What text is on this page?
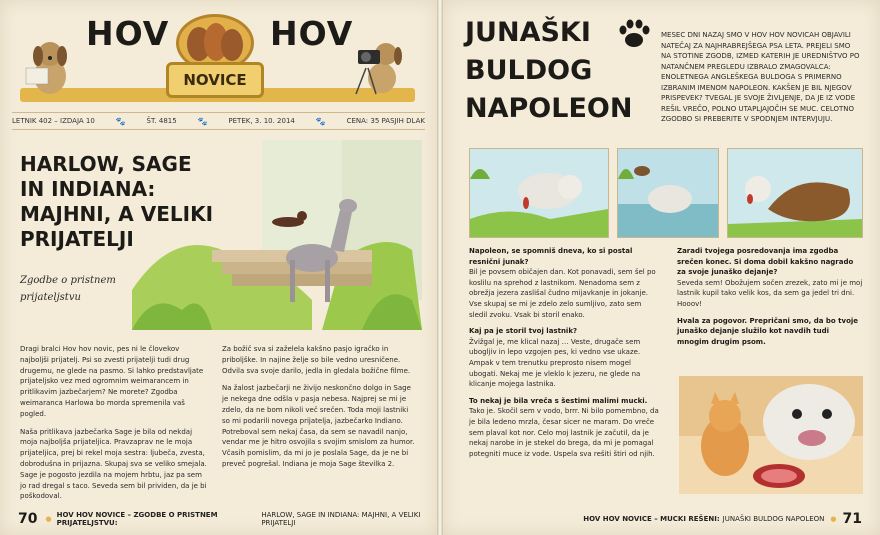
HOV	HOV
NOVICE
LETNIK 402 – IZDAJA 10	🐾	ŠT. 4815	🐾	PETEK, 3. 10. 2014	🐾	CENA: 35 PASJIH DLAK
HARLOW, SAGE IN INDIANA: MAJHNI, A VELIKI PRIJATELJI

Zgodbe o pristnem prijateljstvu

Dragi bralci Hov hov novic, pes ni le človekov najboljši prijatelj. Psi so zvesti prijatelji tudi drug drugemu, ne glede na pasmo. Si lahko predstavljate prijateljsko vez med ogromnim weimarancem in pritlikavim jazbečarjem? Ne morete? Zgodba weimaranca Harlowa bo morda spremenila vaš pogled.

Naša pritlikava jazbečarka Sage je bila od nekdaj moja najboljša prijateljica. Pravzaprav ne le moja prijateljica, prej bi rekel moja sestra: ljubeča, zvesta, dobrodušna in prijazna. Skupaj sva se veliko smejala. Sage je pogosto jezdila na mojem hrbtu, jaz pa sem jo rad dregal s taco. Seveda sem bil prividen, da je bi poškodoval.

Za božič sva si zaželela kakšno pasjo igračko in priboljške. In najine želje so bile vedno uresničene. Odvila sva svoje darilo, jedla in gledala božične filme.

Na žalost jazbečarji ne živijo neskončno dolgo in Sage je nekega dne odšla v pasja nebesa. Najprej se mi je zdelo, da ne bom nikoli več srečen. Toda moji lastniki so mi podarili novega prijatelja, jazbečarko Indiano. Potreboval sem nekaj časa, da sem se navadil nanjo, vendar me je hitro osvojila s svojim smislom za humor. Včasih pomislim, da mi jo je poslala Sage, da je ne bi preveč pogrešal. Indiana je moja Sage številka 2.

70 ● HOV HOV NOVICE – ZGODBE O PRISTNEM PRIJATELJSTVU:
HARLOW, SAGE IN INDIANA: MAJHNI, A VELIKI PRIJATELJI
JUNAŠKI BULDOG NAPOLEON

MESEC DNI NAZAJ SMO V HOV HOV NOVICAH OBJAVILI NATEČAJ ZA NAJHRABREJŠEGA PSA LETA. PREJELI SMO NA STOTINE ZGODB, IZMED KATERIH JE UREDNIŠTVO PO NATANČNEM PREGLEDU IZBRALO ZMAGOVALCA: ENOLETNEGA ANGLEŠKEGA BULDOGA S PRIMERNO IZBRANIM IMENOM NAPOLEON. KAKŠEN JE BIL NJEGOV PRISPEVEK? TVEGAL JE SVOJE ŽIVLJENJE, DA JE IZ VODE REŠIL VREČO, POLNO UTAPLJAJOČIH SE MUC. CELOTNO ZGODBO SI PREBERITE V SPODNJEM INTERVJUJU.

Napoleon, se spomniš dneva, ko si postal resnični junak?
Bil je povsem običajen dan. Kot ponavadi, sem šel po koslilu na sprehod z lastnikom. Nenadoma sem z obrežja jezera zaslišal čudno mijavkanje in jokanje. Vse skupaj se mi je zdelo zelo sumljivo, zato sem sledil zvoku. Vsak bi storil enako.

Kaj pa je storil tvoj lastnik?
Žvižgal je, me klical nazaj … Veste, drugače sem ubogljiv in lepo vzgojen pes, ki vedno vse ukaze. Ampak v tem trenutku preprosto nisem mogel ubogati. Nekaj me je vleklo k jezeru, ne glede na klicanje mojega lastnika.

To nekaj je bila vreča s šestimi malimi mucki.
Tako je. Skočil sem v vodo, brrr. Ni bilo pomembno, da je bila ledeno mrzla, česar sicer ne maram. Do vreče sem plaval kot nor. Celo moj lastnik je začutil, da je nekaj narobe in je stekel do brega, da mi je pomagal potegniti muce iz vode. Uspela sva rešiti štiri od njih.

Zaradi tvojega posredovanja ima zgodba srečen konec. Si doma dobil kakšno nagrado za svoje junaško dejanje?
Seveda sem! Obožujem sočen zrezek, zato mi je moj lastnik kupil tako velik kos, da sem ga jedel tri dni. Hooov!

Hvala za pogovor. Prepričani smo, da bo tvoje junaško dejanje služilo kot navdih tudi mnogim drugim psom.

HOV HOV NOVICE – MUCKI REŠENI: JUNAŠKI BULDOG NAPOLEON ● 71
